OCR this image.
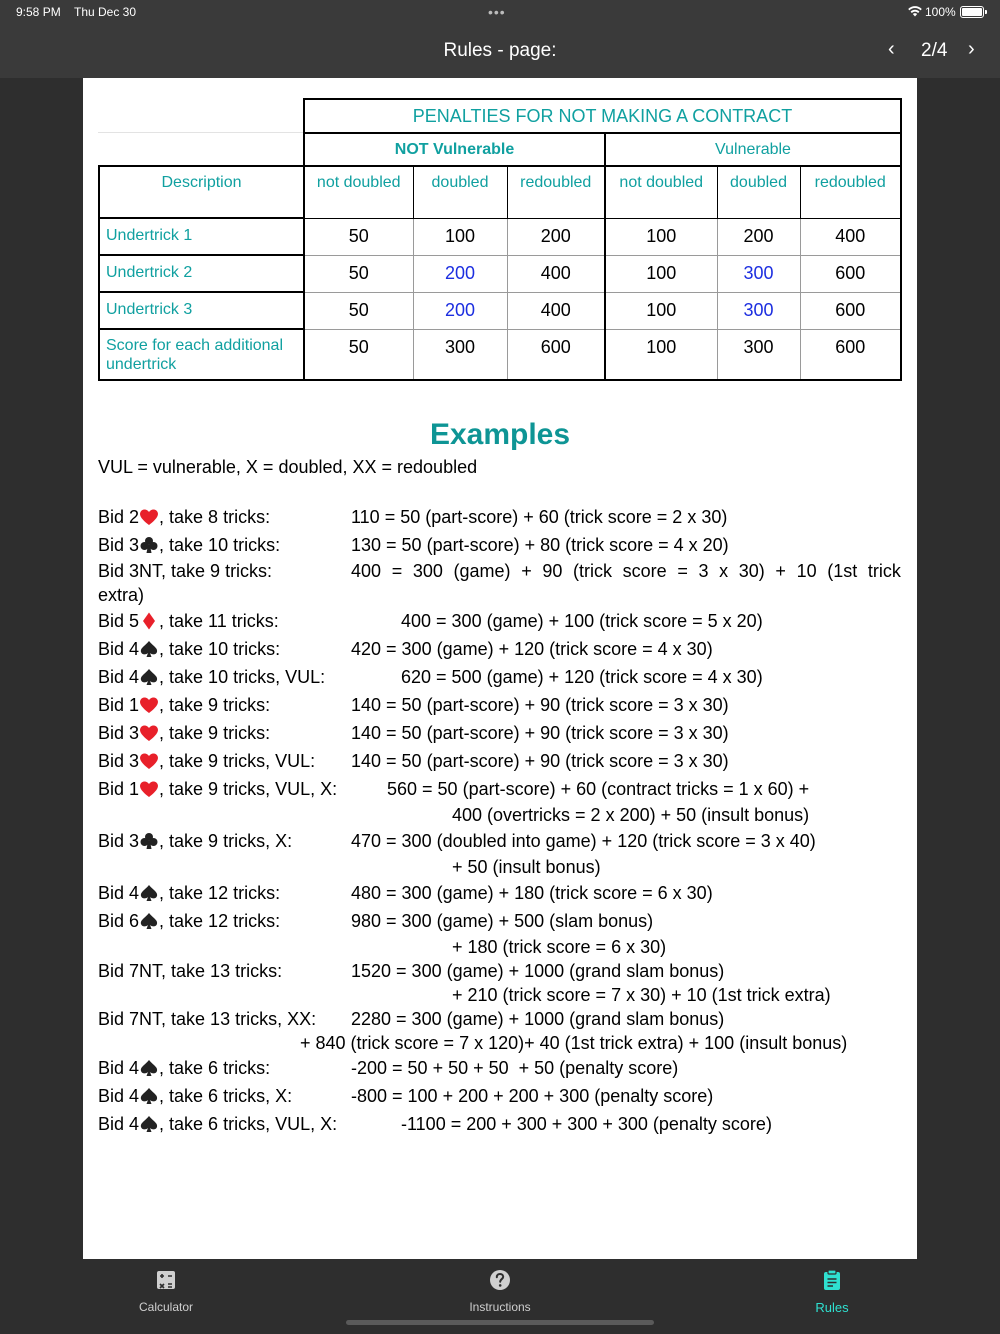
9:58 PM Thu Dec 30	•••	100%
Rules - page:	‹ 2/4 ›
	PENALTIES FOR NOT MAKING A CONTRACT					
	NOT Vulnerable			Vulnerable		
Description	not doubled	doubled	redoubled	not doubled	doubled	redoubled
Undertrick 1	50	100	200	100	200	400
Undertrick 2	50	200	400	100	300	600
Undertrick 3	50	200	400	100	300	600
Score for each additional undertrick	50	300	600	100	300	600
Examples
VUL = vulnerable, X = doubled, XX = redoubled
Bid 2 , take 8 tricks:	110 = 50 (part-score) + 60 (trick score = 2 x 30)
Bid 3 , take 10 tricks:	130 = 50 (part-score) + 80 (trick score = 4 x 20)
Bid 3NT, take 9 tricks:	400 = 300 (game) + 90 (trick score = 3 x 30) + 10 (1st trick
extra)
Bid 5 , take 11 tricks:	400 = 300 (game) + 100 (trick score = 5 x 20)
Bid 4 , take 10 tricks:	420 = 300 (game) + 120 (trick score = 4 x 30)
Bid 4 , take 10 tricks, VUL:	620 = 500 (game) + 120 (trick score = 4 x 30)
Bid 1 , take 9 tricks:	140 = 50 (part-score) + 90 (trick score = 3 x 30)
Bid 3 , take 9 tricks:	140 = 50 (part-score) + 90 (trick score = 3 x 30)
Bid 3 , take 9 tricks, VUL: 140 = 50 (part-score) + 90 (trick score = 3 x 30)
Bid 1 , take 9 tricks, VUL, X:	560 = 50 (part-score) + 60 (contract tricks = 1 x 60) +
400 (overtricks = 2 x 200) + 50 (insult bonus)
Bid 3 , take 9 tricks, X:	470 = 300 (doubled into game) + 120 (trick score = 3 x 40)
+ 50 (insult bonus)
Bid 4 , take 12 tricks:	480 = 300 (game) + 180 (trick score = 6 x 30)
Bid 6 , take 12 tricks:	980 = 300 (game) + 500 (slam bonus)
+ 180 (trick score = 6 x 30)
Bid 7NT, take 13 tricks:	1520 = 300 (game) + 1000 (grand slam bonus)
+ 210 (trick score = 7 x 30) + 10 (1st trick extra)
Bid 7NT, take 13 tricks, XX: 2280 = 300 (game) + 1000 (grand slam bonus)
+ 840 (trick score = 7 x 120)+ 40 (1st trick extra) + 100 (insult bonus)
Bid 4 , take 6 tricks:	-200 = 50 + 50 + 50  + 50 (penalty score)
Bid 4 , take 6 tricks, X:	-800 = 100 + 200 + 200 + 300 (penalty score)
Bid 4 , take 6 tricks, VUL, X:	-1100 = 200 + 300 + 300 + 300 (penalty score)
Calculator	Instructions	Rules
